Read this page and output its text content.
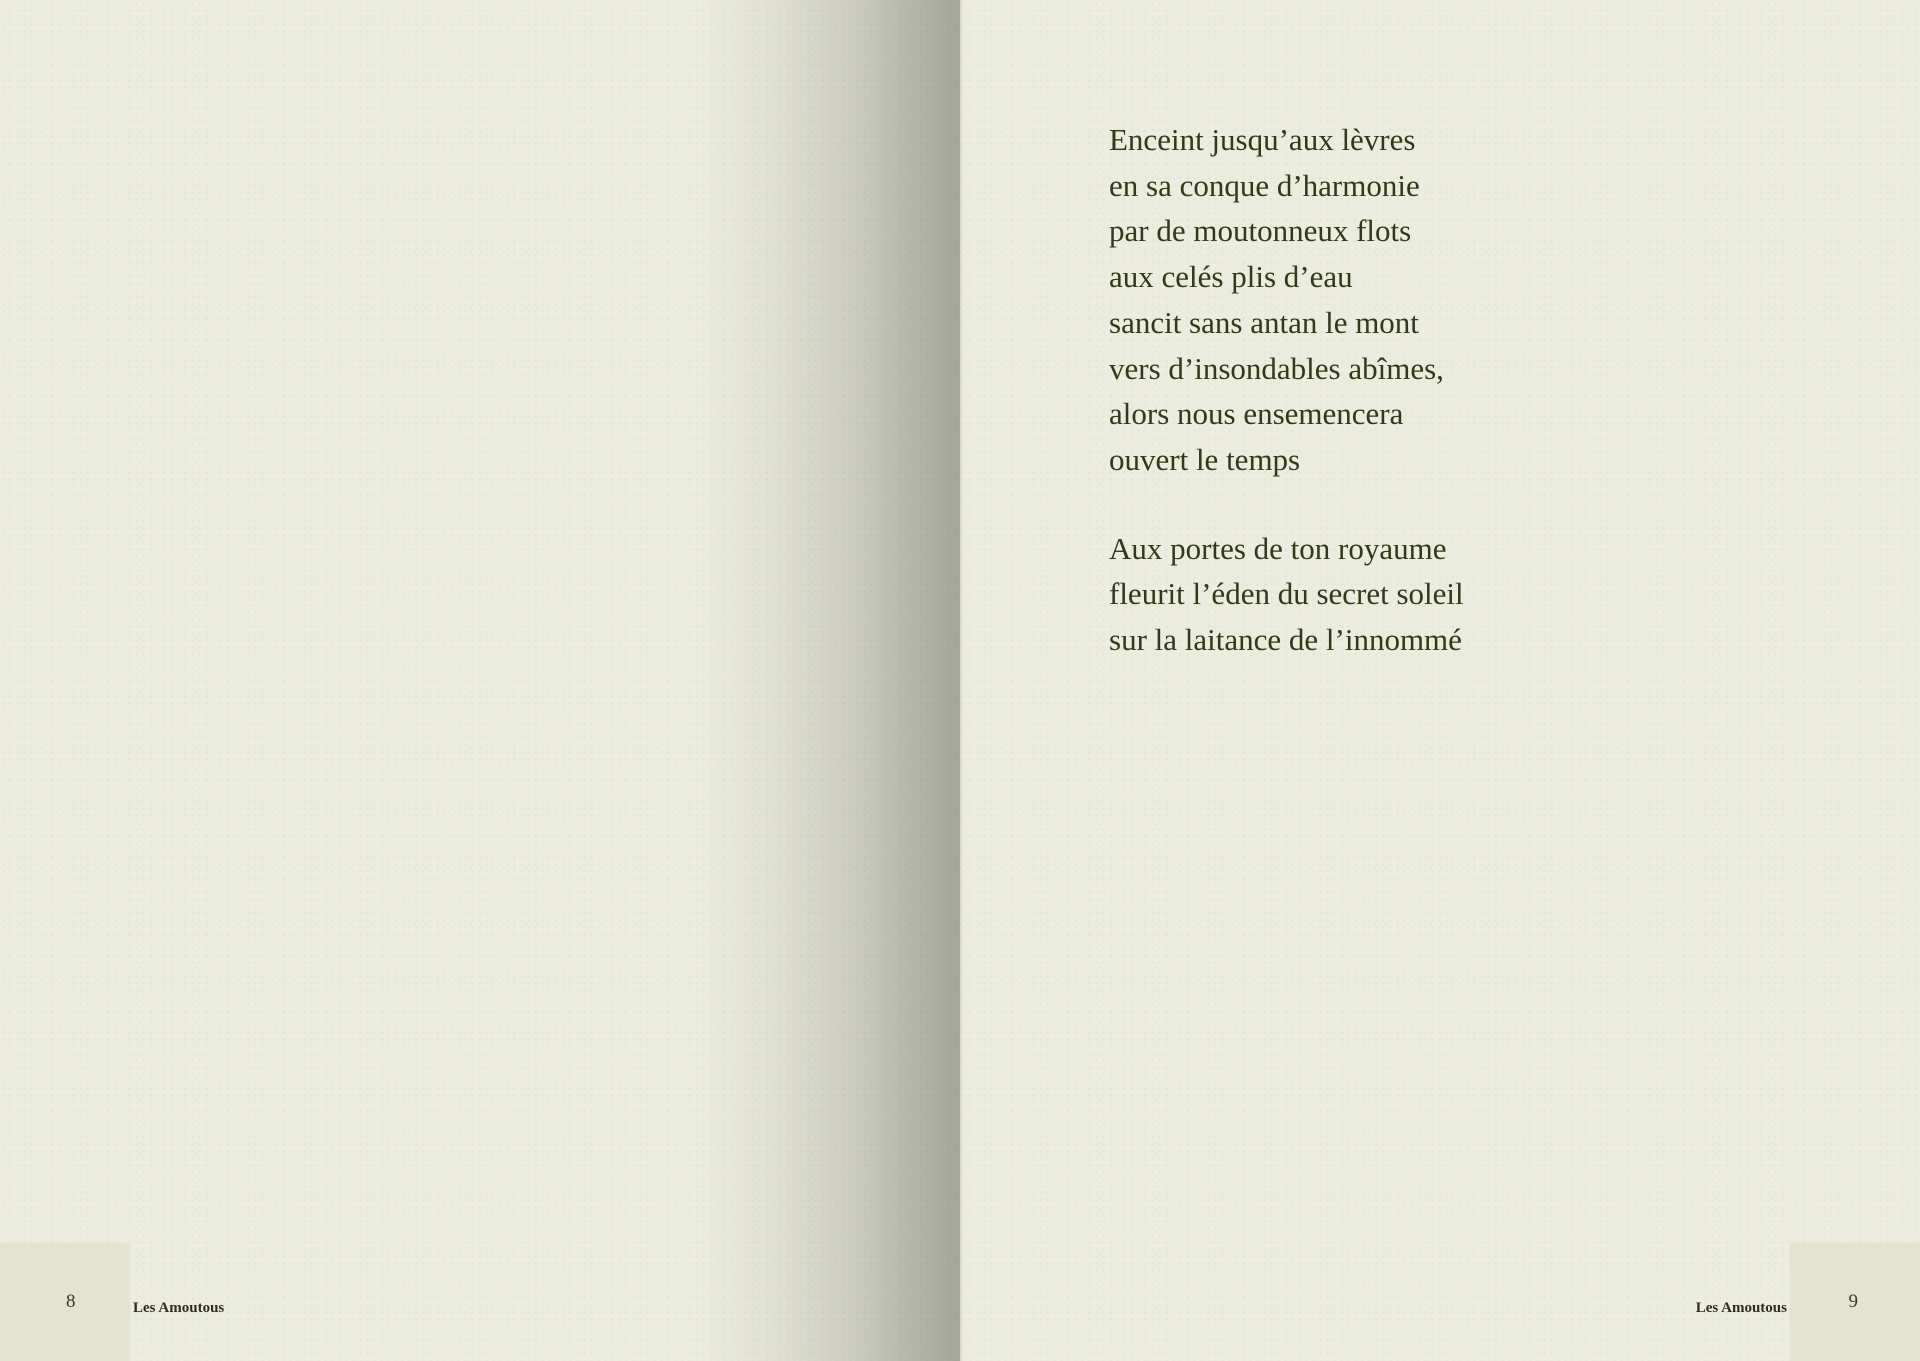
8	Les Amoutous
Enceint jusqu’aux lèvres
en sa conque d’harmonie
par de moutonneux flots
aux celés plis d’eau
sancit sans antan le mont
vers d’insondables abîmes,
alors nous ensemencera
ouvert le temps
Aux portes de ton royaume
fleurit l’éden du secret soleil
sur la laitance de l’innommé
9
Les Amoutous
